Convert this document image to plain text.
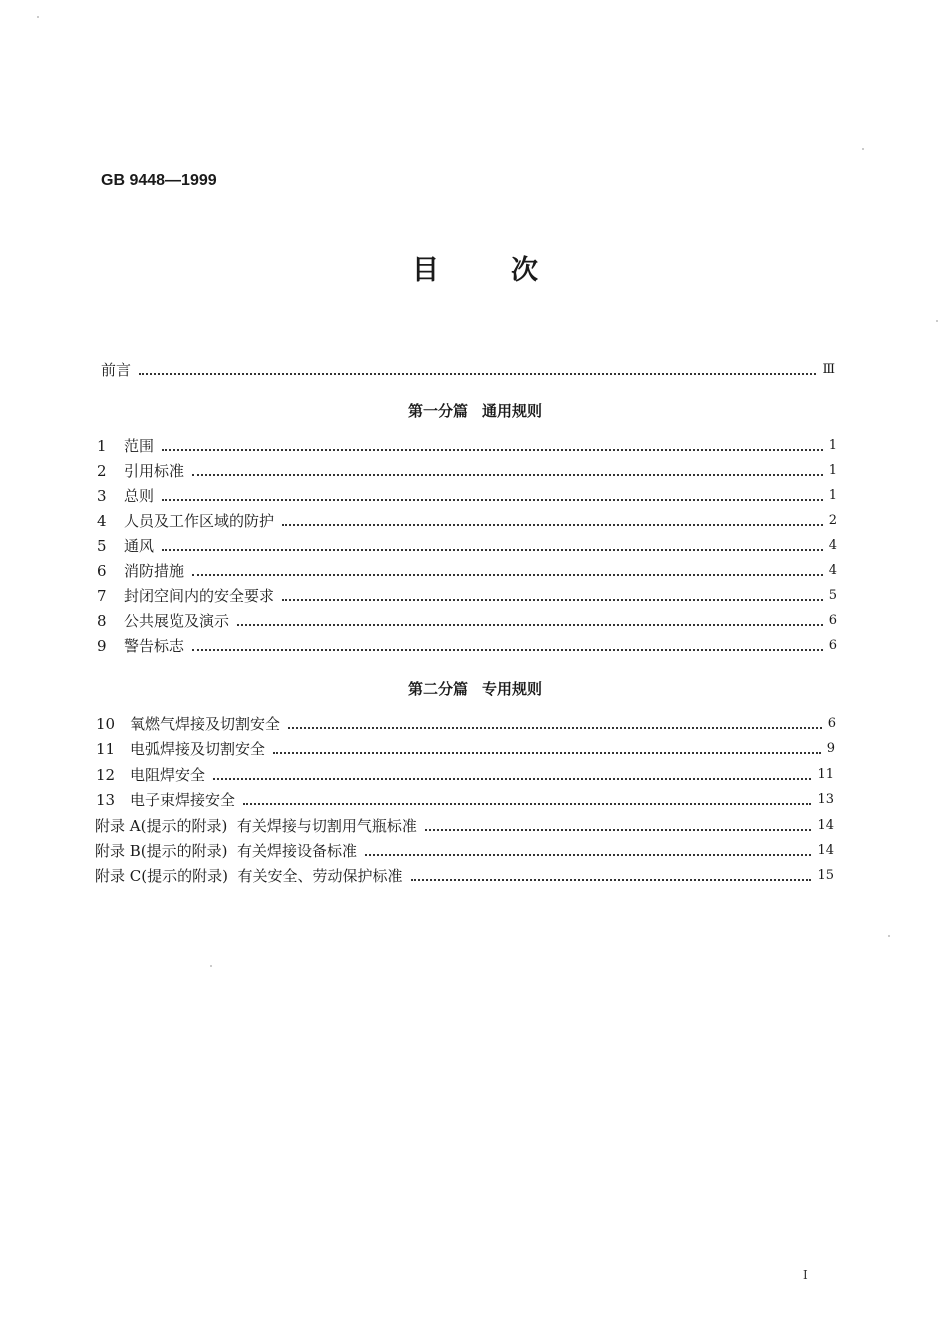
GB 9448—1999
目次
前言	Ⅲ
第一分篇 通用规则
1	范围	1
2	引用标准	1
3	总则	1
4	人员及工作区域的防护	2
5	通风	4
6	消防措施	4
7	封闭空间内的安全要求	5
8	公共展览及演示	6
9	警告标志	6
第二分篇 专用规则
10 氧燃气焊接及切割安全	6
11 电弧焊接及切割安全	9
12 电阻焊安全	11
13 电子束焊接安全	13
附录 A(提示的附录)  有关焊接与切割用气瓶标准	14
附录 B(提示的附录)  有关焊接设备标准	14
附录 C(提示的附录)  有关安全、劳动保护标准	15
I
